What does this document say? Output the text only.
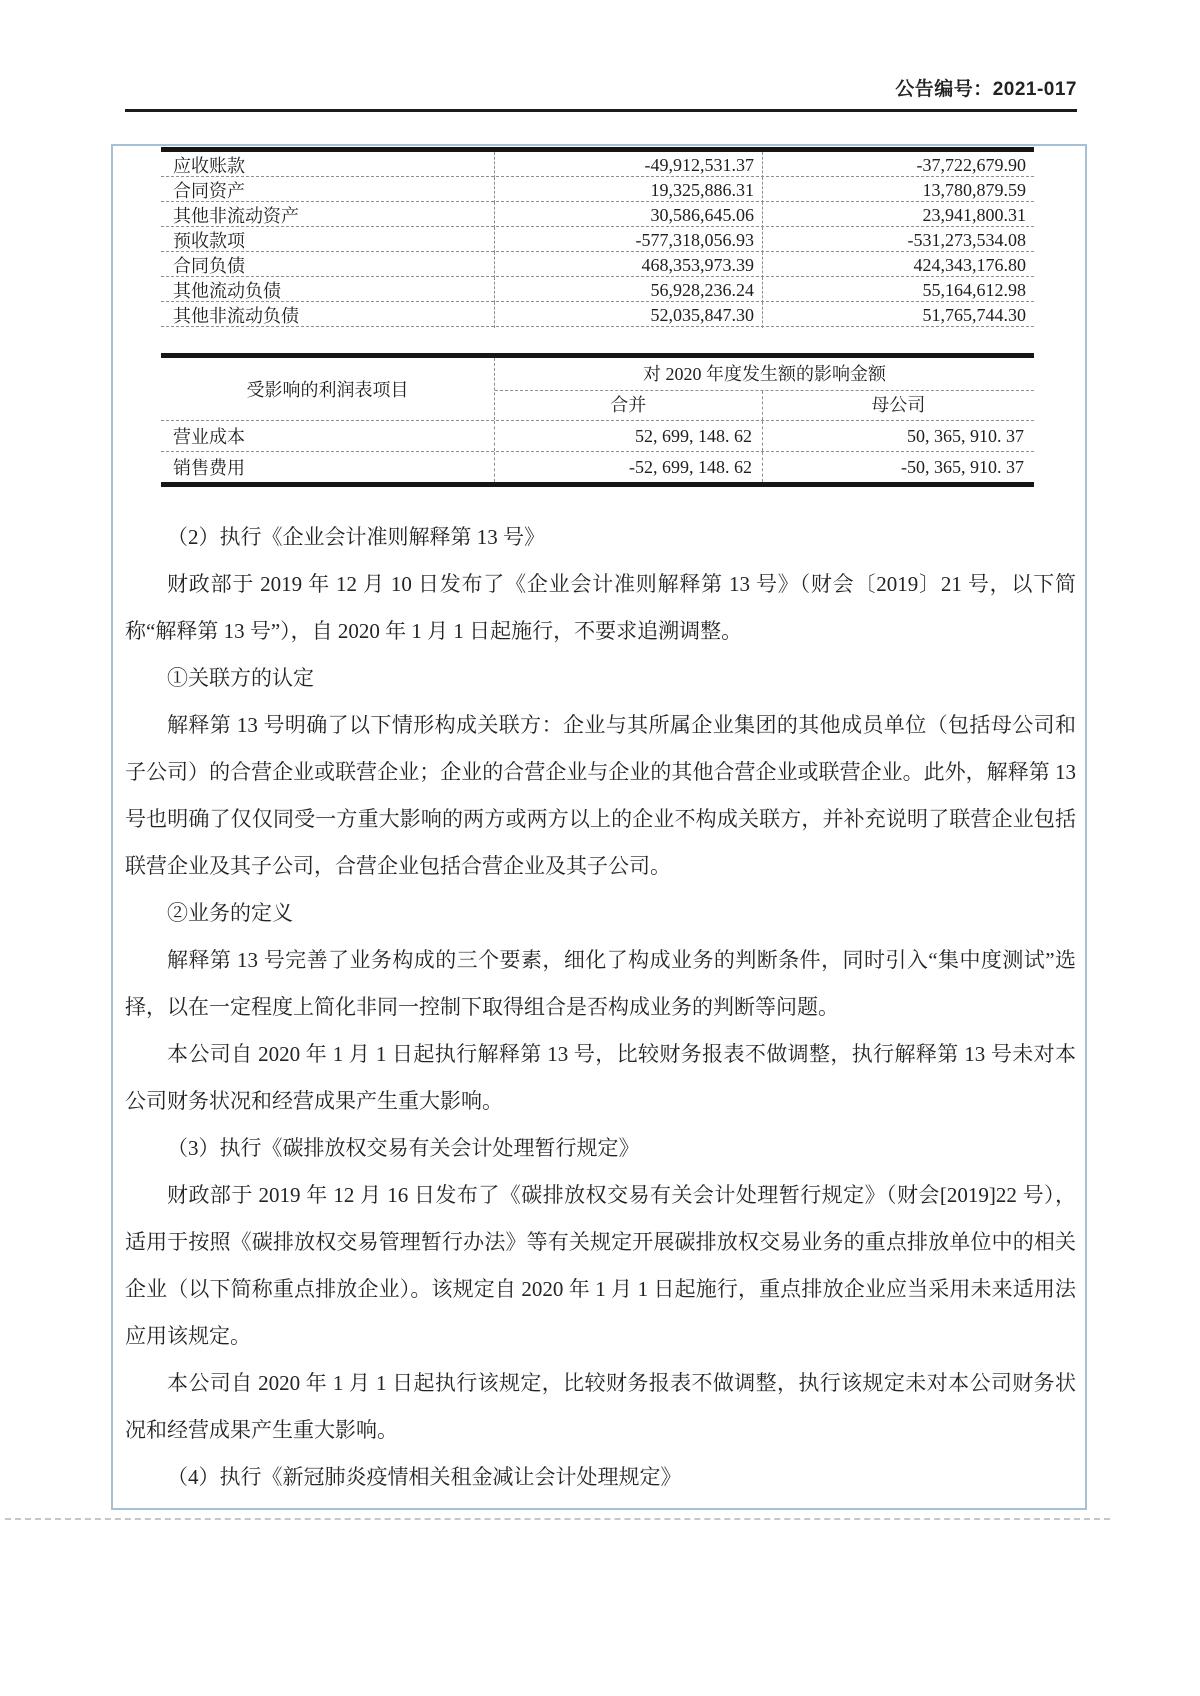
公告编号：2021-017
应收账款	-49,912,531.37	-37,722,679.90
合同资产	19,325,886.31	13,780,879.59
其他非流动资产	30,586,645.06	23,941,800.31
预收款项	-577,318,056.93	-531,273,534.08
合同负债	468,353,973.39	424,343,176.80
其他流动负债	56,928,236.24	55,164,612.98
其他非流动负债	52,035,847.30	51,765,744.30
受影响的利润表项目
对 2020 年度发生额的影响金额
合并	母公司
营业成本	52, 699, 148. 62	50, 365, 910. 37
销售费用	-52, 699, 148. 62	-50, 365, 910. 37

（2）执行《企业会计准则解释第 13 号》

财政部于 2019 年 12 月 10 日发布了《企业会计准则解释第 13 号》（财会〔2019〕21 号，以下简称“解释第 13 号”），自 2020 年 1 月 1 日起施行，不要求追溯调整。

①关联方的认定

解释第 13 号明确了以下情形构成关联方：企业与其所属企业集团的其他成员单位（包括母公司和子公司）的合营企业或联营企业；企业的合营企业与企业的其他合营企业或联营企业。此外，解释第 13 号也明确了仅仅同受一方重大影响的两方或两方以上的企业不构成关联方，并补充说明了联营企业包括联营企业及其子公司，合营企业包括合营企业及其子公司。

②业务的定义

解释第 13 号完善了业务构成的三个要素，细化了构成业务的判断条件，同时引入“集中度测试”选择，以在一定程度上简化非同一控制下取得组合是否构成业务的判断等问题。

本公司自 2020 年 1 月 1 日起执行解释第 13 号，比较财务报表不做调整，执行解释第 13 号未对本公司财务状况和经营成果产生重大影响。

（3）执行《碳排放权交易有关会计处理暂行规定》

财政部于 2019 年 12 月 16 日发布了《碳排放权交易有关会计处理暂行规定》（财会[2019]22 号），适用于按照《碳排放权交易管理暂行办法》等有关规定开展碳排放权交易业务的重点排放单位中的相关企业（以下简称重点排放企业）。该规定自 2020 年 1 月 1 日起施行，重点排放企业应当采用未来适用法应用该规定。

本公司自 2020 年 1 月 1 日起执行该规定，比较财务报表不做调整，执行该规定未对本公司财务状况和经营成果产生重大影响。

（4）执行《新冠肺炎疫情相关租金减让会计处理规定》
